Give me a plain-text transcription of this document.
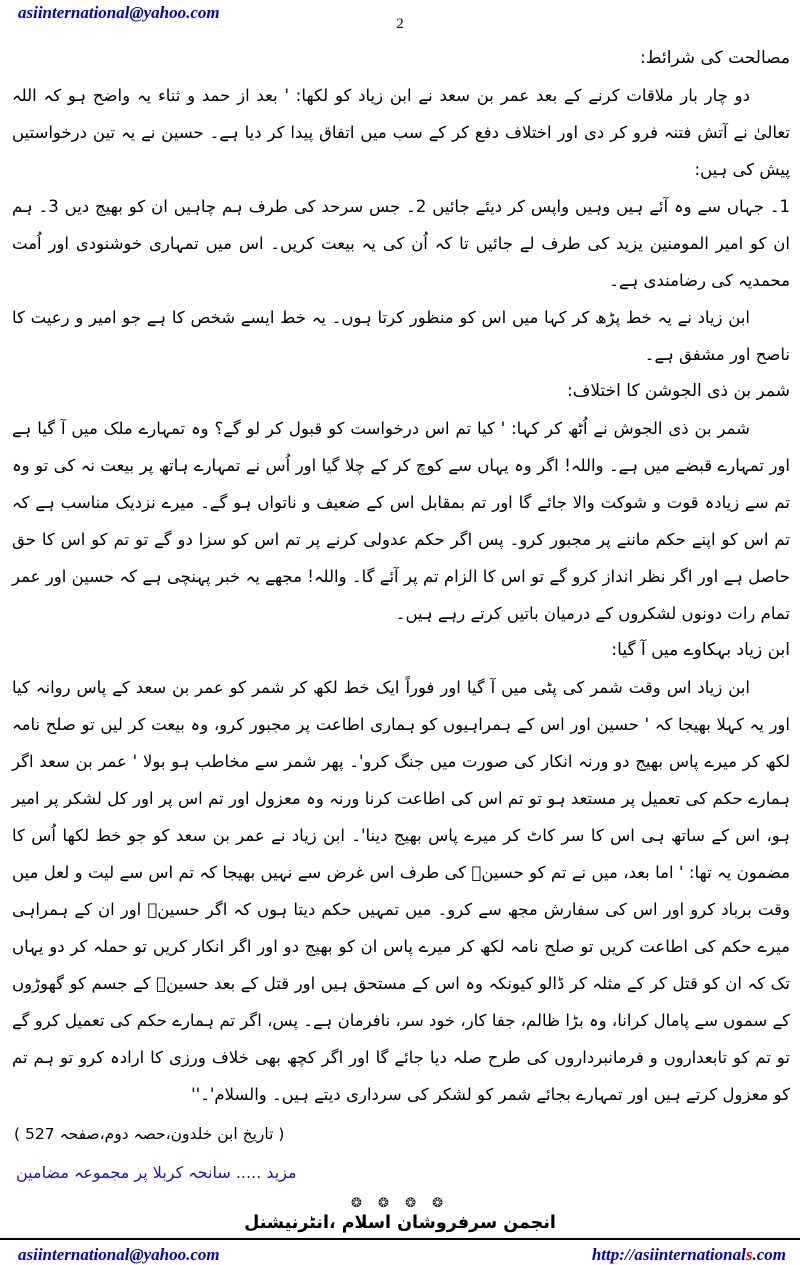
asiinternational@yahoo.com
2
مصالحت کی شرائط:

دو چار بار ملاقات کرنے کے بعد عمر بن سعد نے ابن زیاد کو لکھا: ' بعد از حمد و ثناء یہ واضح ہو کہ اللہ تعالیٰ نے آتش فتنہ فرو کر دی اور اختلاف دفع کر کے سب میں اتفاق پیدا کر دیا ہے۔ حسین نے یہ تین درخواستیں پیش کی ہیں:

1۔ جہاں سے وہ آئے ہیں وہیں واپس کر دیئے جائیں 2۔ جس سرحد کی طرف ہم چاہیں ان کو بھیج دیں 3۔ ہم ان کو امیر المومنین یزید کی طرف لے جائیں تا کہ اُن کی یہ بیعت کریں۔ اس میں تمہاری خوشنودی اور اُمت محمدیہ کی رضامندی ہے۔

ابن زیاد نے یہ خط پڑھ کر کہا میں اس کو منظور کرتا ہوں۔ یہ خط ایسے شخص کا ہے جو امیر و رعیت کا ناصح اور مشفق ہے۔

شمر بن ذی الجوشن کا اختلاف:

شمر بن ذی الجوش نے اُٹھ کر کہا: ' کیا تم اس درخواست کو قبول کر لو گے؟ وہ تمہارے ملک میں آ گیا ہے اور تمہارے قبضے میں ہے۔ واللہ! اگر وہ یہاں سے کوچ کر کے چلا گیا اور اُس نے تمہارے ہاتھ پر بیعت نہ کی تو وہ تم سے زیادہ قوت و شوکت والا جائے گا اور تم بمقابل اس کے ضعیف و ناتواں ہو گے۔ میرے نزدیک مناسب ہے کہ تم اس کو اپنے حکم ماننے پر مجبور کرو۔ پس اگر حکم عدولی کرنے پر تم اس کو سزا دو گے تو تم کو اس کا حق حاصل ہے اور اگر نظر انداز کرو گے تو اس کا الزام تم پر آئے گا۔ واللہ! مجھے یہ خبر پہنچی ہے کہ حسین اور عمر تمام رات دونوں لشکروں کے درمیان باتیں کرتے رہے ہیں۔

ابن زیاد بہکاوے میں آ گیا:

ابن زیاد اس وقت شمر کی پٹی میں آ گیا اور فوراً ایک خط لکھ کر شمر کو عمر بن سعد کے پاس روانہ کیا اور یہ کہلا بھیجا کہ ' حسین اور اس کے ہمراہیوں کو ہماری اطاعت پر مجبور کرو، وہ بیعت کر لیں تو صلح نامہ لکھ کر میرے پاس بھیج دو ورنہ انکار کی صورت میں جنگ کرو'۔ پھر شمر سے مخاطب ہو بولا ' عمر بن سعد اگر ہمارے حکم کی تعمیل پر مستعد ہو تو تم اس کی اطاعت کرنا ورنہ وہ معزول اور تم اس پر اور کل لشکر پر امیر ہو، اس کے ساتھ ہی اس کا سر کاٹ کر میرے پاس بھیج دینا'۔ ابن زیاد نے عمر بن سعد کو جو خط لکھا اُس کا مضمون یہ تھا: ' اما بعد، میں نے تم کو حسینؑ کی طرف اس غرض سے نہیں بھیجا کہ تم اس سے لیت و لعل میں وقت برباد کرو اور اس کی سفارش مجھ سے کرو۔ میں تمہیں حکم دیتا ہوں کہ اگر حسینؑ اور ان کے ہمراہی میرے حکم کی اطاعت کریں تو صلح نامہ لکھ کر میرے پاس ان کو بھیج دو اور اگر انکار کریں تو حملہ کر دو یہاں تک کہ ان کو قتل کر کے مثلہ کر ڈالو کیونکہ وہ اس کے مستحق ہیں اور قتل کے بعد حسینؑ کے جسم کو گھوڑوں کے سموں سے پامال کرانا، وہ بڑا ظالم، جفا کار، خود سر، نافرمان ہے۔ پس، اگر تم ہمارے حکم کی تعمیل کرو گے تو تم کو تابعداروں و فرمانبرداروں کی طرح صلہ دیا جائے گا اور اگر کچھ بھی خلاف ورزی کا ارادہ کرو تو ہم تم کو معزول کرتے ہیں اور تمہارے بجائے شمر کو لشکر کی سرداری دیتے ہیں۔ والسلام'۔''

( تاریخ ابن خلدون،حصہ دوم،صفحہ 527 )
مزید ..... سانحہ کربلا پر مجموعہ مضامین
❂ ❂ ❂ ❂
انجمن سرفروشان اسلام ،انٹرنیشنل
asiinternational@yahoo.com	http://asiinternationals.com
